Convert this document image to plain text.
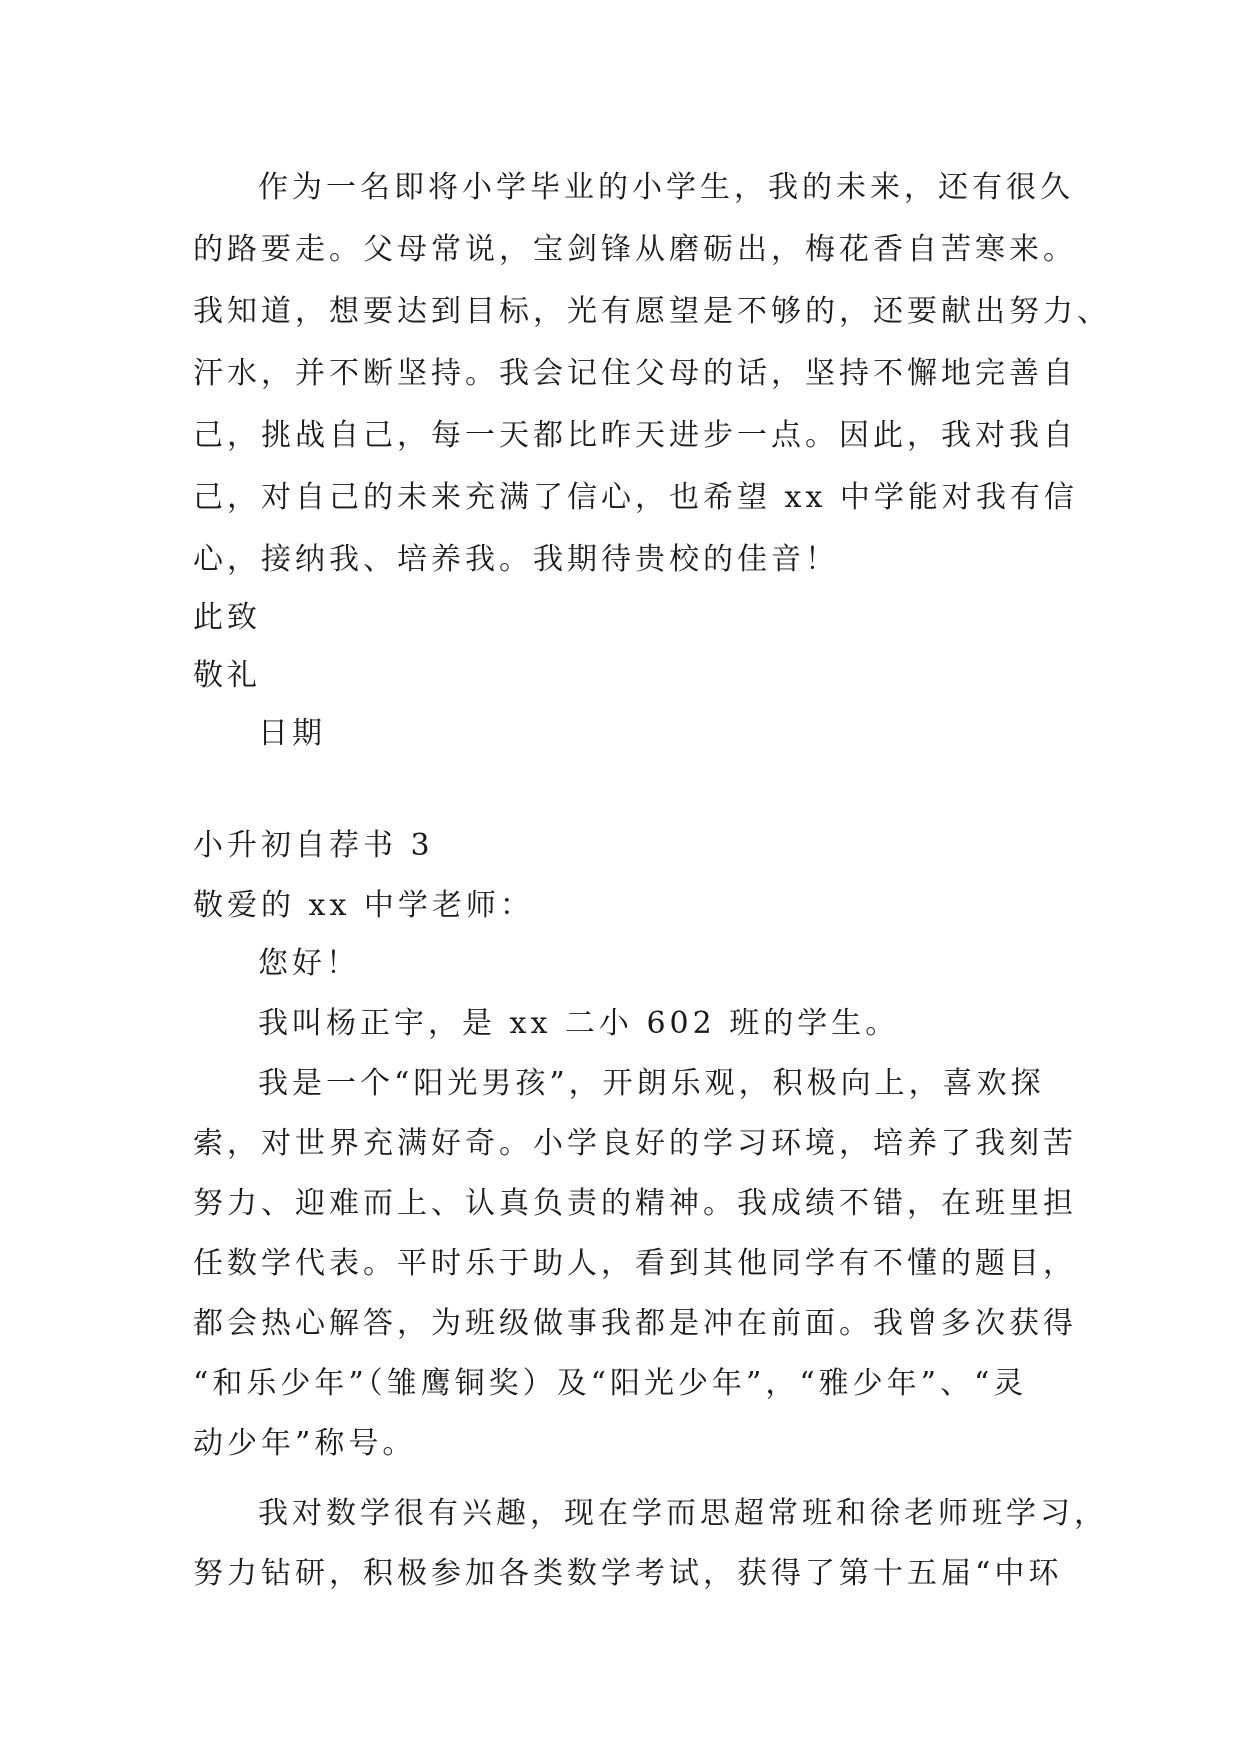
作为一名即将小学毕业的小学生，我的未来，还有很久
的路要走。父母常说，宝剑锋从磨砺出，梅花香自苦寒来。
我知道，想要达到目标，光有愿望是不够的，还要献出努力、
汗水，并不断坚持。我会记住父母的话，坚持不懈地完善自
己，挑战自己，每一天都比昨天进步一点。因此，我对我自
己，对自己的未来充满了信心，也希望 xx 中学能对我有信
心，接纳我、培养我。我期待贵校的佳音！
此致
敬礼
日期
小升初自荐书 3
敬爱的 xx 中学老师：
您好！
我叫杨正宇，是 xx 二小 602 班的学生。
我是一个“阳光男孩”，开朗乐观，积极向上，喜欢探
索，对世界充满好奇。小学良好的学习环境，培养了我刻苦
努力、迎难而上、认真负责的精神。我成绩不错，在班里担
任数学代表。平时乐于助人，看到其他同学有不懂的题目，
都会热心解答，为班级做事我都是冲在前面。我曾多次获得
“和乐少年”（雏鹰铜奖）及“阳光少年”，“雅少年”、“灵
动少年”称号。
我对数学很有兴趣，现在学而思超常班和徐老师班学习，
努力钻研，积极参加各类数学考试，获得了第十五届“中环
